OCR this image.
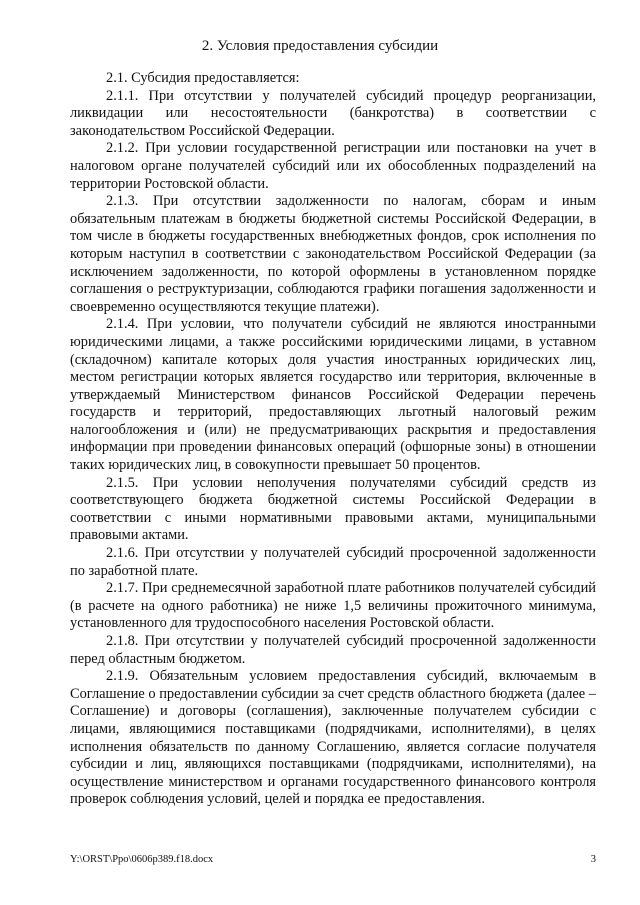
2. Условия предоставления субсидии

2.1. Субсидия предоставляется:

2.1.1. При отсутствии у получателей субсидий процедур реорганизации, ликвидации или несостоятельности (банкротства) в соответствии с законодательством Российской Федерации.

2.1.2. При условии государственной регистрации или постановки на учет в налоговом органе получателей субсидий или их обособленных подразделений на территории Ростовской области.

2.1.3. При отсутствии задолженности по налогам, сборам и иным обязательным платежам в бюджеты бюджетной системы Российской Федерации, в том числе в бюджеты государственных внебюджетных фондов, срок исполнения по которым наступил в соответствии с законодательством Российской Федерации (за исключением задолженности, по которой оформлены в установленном порядке соглашения о реструктуризации, соблюдаются графики погашения задолженности и своевременно осуществляются текущие платежи).

2.1.4. При условии, что получатели субсидий не являются иностранными юридическими лицами, а также российскими юридическими лицами, в уставном (складочном) капитале которых доля участия иностранных юридических лиц, местом регистрации которых является государство или территория, включенные в утверждаемый Министерством финансов Российской Федерации перечень государств и территорий, предоставляющих льготный налоговый режим налогообложения и (или) не предусматривающих раскрытия и предоставления информации при проведении финансовых операций (офшорные зоны) в отношении таких юридических лиц, в совокупности превышает 50 процентов.

2.1.5. При условии неполучения получателями субсидий средств из соответствующего бюджета бюджетной системы Российской Федерации в соответствии с иными нормативными правовыми актами, муниципальными правовыми актами.

2.1.6. При отсутствии у получателей субсидий просроченной задолженности по заработной плате.

2.1.7. При среднемесячной заработной плате работников получателей субсидий (в расчете на одного работника) не ниже 1,5 величины прожиточного минимума, установленного для трудоспособного населения Ростовской области.

2.1.8. При отсутствии у получателей субсидий просроченной задолженности перед областным бюджетом.

2.1.9. Обязательным условием предоставления субсидий, включаемым в Соглашение о предоставлении субсидии за счет средств областного бюджета (далее – Соглашение) и договоры (соглашения), заключенные получателем субсидии с лицами, являющимися поставщиками (подрядчиками, исполнителями), в целях исполнения обязательств по данному Соглашению, является согласие получателя субсидии и лиц, являющихся поставщиками (подрядчиками, исполнителями), на осуществление министерством и органами государственного финансового контроля проверок соблюдения условий, целей и порядка ее предоставления.

Y:\ORST\Ppo\0606p389.f18.docx	3
